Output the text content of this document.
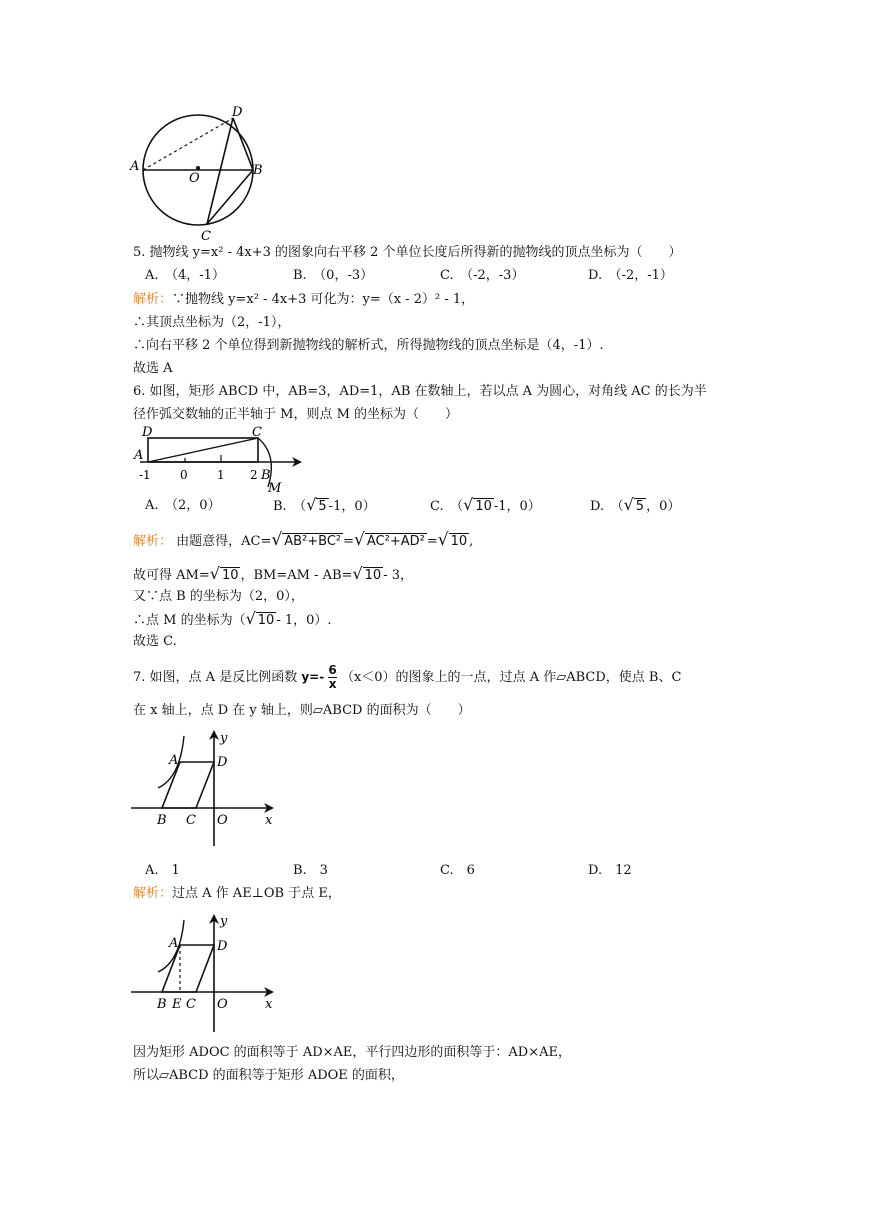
D
A
O
B
C
5. 抛物线 y=x² - 4x+3 的图象向右平移 2 个单位长度后所得新的抛物线的顶点坐标为（　　）
A.　（4，-1）	B.　（0，-3）	C.　（-2，-3）	D.　（-2，-1）
解析：∵抛物线 y=x² - 4x+3 可化为：y=（x - 2）² - 1，
∴其顶点坐标为（2，-1），
∴向右平移 2 个单位得到新抛物线的解析式，所得抛物线的顶点坐标是（4，-1）.
故选 A
6. 如图，矩形 ABCD 中，AB=3，AD=1，AB 在数轴上，若以点 A 为圆心，对角线 AC 的长为半
径作弧交数轴的正半轴于 M，则点 M 的坐标为（　　）
D	C
A
-1 0 1 2 B
M
A.　（2，0）	B.　（√ 5 -1，0）	C.　（√ 10 -1，0）	D.　（√ 5 ，0）
解析： 由题意得，AC=√ AB²+BC² =√ AC²+AD² =√ 10 ,
故可得 AM=√ 10 ，BM=AM - AB=√ 10 - 3，
又∵点 B 的坐标为（2，0），
∴点 M 的坐标为（√ 10 - 1，0）.
故选 C.
7. 如图，点 A 是反比例函数 $y=- \frac{6}{x} (x<0)$的图象上的一点，过点 A 作▱ABCD，使点 B、C
在 x 轴上，点 D 在 y 轴上，则▱ABCD 的面积为（　　）
y
A	D
B C O	x
A.　1	B.　3	C.　6	D.　12
解析：过点 A 作 AE⊥OB 于点 E，
y
A	D
B E C O	x
因为矩形 ADOC 的面积等于 AD×AE，平行四边形的面积等于：AD×AE，
所以▱ABCD 的面积等于矩形 ADOE 的面积，
